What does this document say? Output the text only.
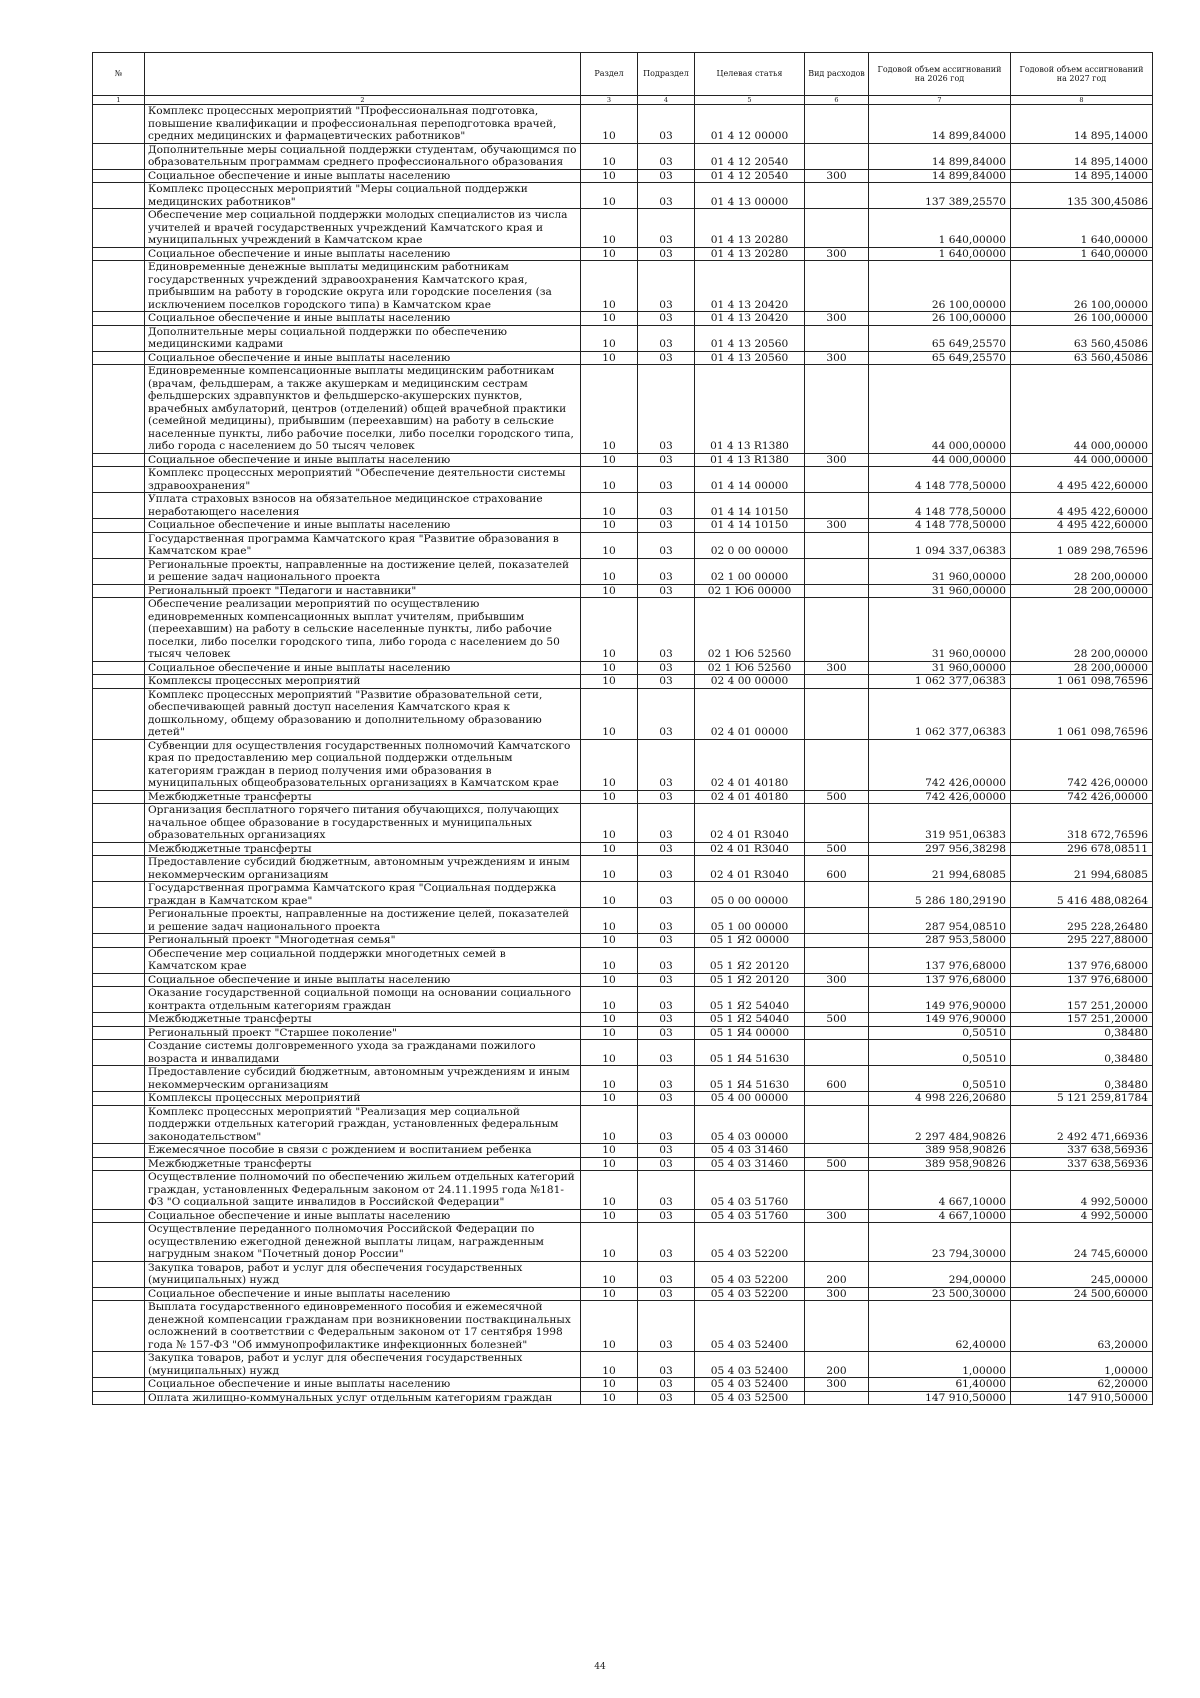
№		Раздел	Подраздел	Целевая статья	Вид расходов	Годовой объем ассигнований на 2026 год	Годовой объем ассигнований на 2027 год
1	2	3	4	5	6	7	8
	Комплекс процессных мероприятий "Профессиональная подготовка, повышение квалификации и профессиональная переподготовка врачей, средних медицинских и фармацевтических работников"	10	03	01 4 12 00000		14 899,84000	14 895,14000
	Дополнительные меры социальной поддержки студентам, обучающимся по образовательным программам среднего профессионального образования	10	03	01 4 12 20540		14 899,84000	14 895,14000
	Социальное обеспечение и иные выплаты населению	10	03	01 4 12 20540	300	14 899,84000	14 895,14000
	Комплекс процессных мероприятий "Меры социальной поддержки медицинских работников"	10	03	01 4 13 00000		137 389,25570	135 300,45086
	Обеспечение мер социальной поддержки молодых специалистов из числа учителей и врачей государственных учреждений Камчатского края и муниципальных учреждений в Камчатском крае	10	03	01 4 13 20280		1 640,00000	1 640,00000
	Социальное обеспечение и иные выплаты населению	10	03	01 4 13 20280	300	1 640,00000	1 640,00000
	Единовременные денежные выплаты медицинским работникам государственных учреждений здравоохранения Камчатского края, прибывшим на работу в городские округа или городские поселения (за исключением поселков городского типа) в Камчатском крае	10	03	01 4 13 20420		26 100,00000	26 100,00000
	Социальное обеспечение и иные выплаты населению	10	03	01 4 13 20420	300	26 100,00000	26 100,00000
	Дополнительные меры социальной поддержки по обеспечению медицинскими кадрами	10	03	01 4 13 20560		65 649,25570	63 560,45086
	Социальное обеспечение и иные выплаты населению	10	03	01 4 13 20560	300	65 649,25570	63 560,45086
	Единовременные компенсационные выплаты медицинским работникам (врачам, фельдшерам, а также акушеркам и медицинским сестрам фельдшерских здравпунктов и фельдшерско-акушерских пунктов, врачебных амбулаторий, центров (отделений) общей врачебной практики (семейной медицины), прибывшим (переехавшим) на работу в сельские населенные пункты, либо рабочие поселки, либо поселки городского типа, либо города с населением до 50 тысяч человек	10	03	01 4 13 R1380		44 000,00000	44 000,00000
	Социальное обеспечение и иные выплаты населению	10	03	01 4 13 R1380	300	44 000,00000	44 000,00000
	Комплекс процессных мероприятий "Обеспечение деятельности системы здравоохранения"	10	03	01 4 14 00000		4 148 778,50000	4 495 422,60000
	Уплата страховых взносов на обязательное медицинское страхование неработающего населения	10	03	01 4 14 10150		4 148 778,50000	4 495 422,60000
	Социальное обеспечение и иные выплаты населению	10	03	01 4 14 10150	300	4 148 778,50000	4 495 422,60000
	Государственная программа Камчатского края "Развитие образования в Камчатском крае"	10	03	02 0 00 00000		1 094 337,06383	1 089 298,76596
	Региональные проекты, направленные на достижение целей, показателей и решение задач национального проекта	10	03	02 1 00 00000		31 960,00000	28 200,00000
	Региональный проект "Педагоги и наставники"	10	03	02 1 Ю6 00000		31 960,00000	28 200,00000
	Обеспечение реализации мероприятий по осуществлению единовременных компенсационных выплат учителям, прибывшим (переехавшим) на работу в сельские населенные пункты, либо рабочие поселки, либо поселки городского типа, либо города с населением до 50 тысяч человек	10	03	02 1 Ю6 52560		31 960,00000	28 200,00000
	Социальное обеспечение и иные выплаты населению	10	03	02 1 Ю6 52560	300	31 960,00000	28 200,00000
	Комплексы процессных мероприятий	10	03	02 4 00 00000		1 062 377,06383	1 061 098,76596
	Комплекс процессных мероприятий "Развитие образовательной сети, обеспечивающей равный доступ населения Камчатского края к дошкольному, общему образованию и дополнительному образованию детей"	10	03	02 4 01 00000		1 062 377,06383	1 061 098,76596
	Субвенции для осуществления государственных полномочий Камчатского края по предоставлению мер социальной поддержки отдельным категориям граждан в период получения ими образования в муниципальных общеобразовательных организациях в Камчатском крае	10	03	02 4 01 40180		742 426,00000	742 426,00000
	Межбюджетные трансферты	10	03	02 4 01 40180	500	742 426,00000	742 426,00000
	Организация бесплатного горячего питания обучающихся, получающих начальное общее образование в государственных и муниципальных образовательных организациях	10	03	02 4 01 R3040		319 951,06383	318 672,76596
	Межбюджетные трансферты	10	03	02 4 01 R3040	500	297 956,38298	296 678,08511
	Предоставление субсидий бюджетным, автономным учреждениям и иным некоммерческим организациям	10	03	02 4 01 R3040	600	21 994,68085	21 994,68085
	Государственная программа Камчатского края "Социальная поддержка граждан в Камчатском крае"	10	03	05 0 00 00000		5 286 180,29190	5 416 488,08264
	Региональные проекты, направленные на достижение целей, показателей и решение задач национального проекта	10	03	05 1 00 00000		287 954,08510	295 228,26480
	Региональный проект "Многодетная семья"	10	03	05 1 Я2 00000		287 953,58000	295 227,88000
	Обеспечение мер социальной поддержки многодетных семей в Камчатском крае	10	03	05 1 Я2 20120		137 976,68000	137 976,68000
	Социальное обеспечение и иные выплаты населению	10	03	05 1 Я2 20120	300	137 976,68000	137 976,68000
	Оказание государственной социальной помощи на основании социального контракта отдельным категориям граждан	10	03	05 1 Я2 54040		149 976,90000	157 251,20000
	Межбюджетные трансферты	10	03	05 1 Я2 54040	500	149 976,90000	157 251,20000
	Региональный проект "Старшее поколение"	10	03	05 1 Я4 00000		0,50510	0,38480
	Создание системы долговременного ухода за гражданами пожилого возраста и инвалидами	10	03	05 1 Я4 51630		0,50510	0,38480
	Предоставление субсидий бюджетным, автономным учреждениям и иным некоммерческим организациям	10	03	05 1 Я4 51630	600	0,50510	0,38480
	Комплексы процессных мероприятий	10	03	05 4 00 00000		4 998 226,20680	5 121 259,81784
	Комплекс процессных мероприятий "Реализация мер социальной поддержки отдельных категорий граждан, установленных федеральным законодательством"	10	03	05 4 03 00000		2 297 484,90826	2 492 471,66936
	Ежемесячное пособие в связи с рождением и воспитанием ребенка	10	03	05 4 03 31460		389 958,90826	337 638,56936
	Межбюджетные трансферты	10	03	05 4 03 31460	500	389 958,90826	337 638,56936
	Осуществление полномочий по обеспечению жильем отдельных категорий граждан, установленных Федеральным законом от 24.11.1995 года №181-ФЗ "О социальной защите инвалидов в Российской Федерации"	10	03	05 4 03 51760		4 667,10000	4 992,50000
	Социальное обеспечение и иные выплаты населению	10	03	05 4 03 51760	300	4 667,10000	4 992,50000
	Осуществление переданного полномочия Российской Федерации по осуществлению ежегодной денежной выплаты лицам, награжденным нагрудным знаком "Почетный донор России"	10	03	05 4 03 52200		23 794,30000	24 745,60000
	Закупка товаров, работ и услуг для обеспечения государственных (муниципальных) нужд	10	03	05 4 03 52200	200	294,00000	245,00000
	Социальное обеспечение и иные выплаты населению	10	03	05 4 03 52200	300	23 500,30000	24 500,60000
	Выплата государственного единовременного пособия и ежемесячной денежной компенсации гражданам при возникновении поствакцинальных осложнений в соответствии с Федеральным законом от 17 сентября 1998 года № 157-ФЗ "Об иммунопрофилактике инфекционных болезней"	10	03	05 4 03 52400		62,40000	63,20000
	Закупка товаров, работ и услуг для обеспечения государственных (муниципальных) нужд	10	03	05 4 03 52400	200	1,00000	1,00000
	Социальное обеспечение и иные выплаты населению	10	03	05 4 03 52400	300	61,40000	62,20000
	Оплата жилищно-коммунальных услуг отдельным категориям граждан	10	03	05 4 03 52500		147 910,50000	147 910,50000
44
